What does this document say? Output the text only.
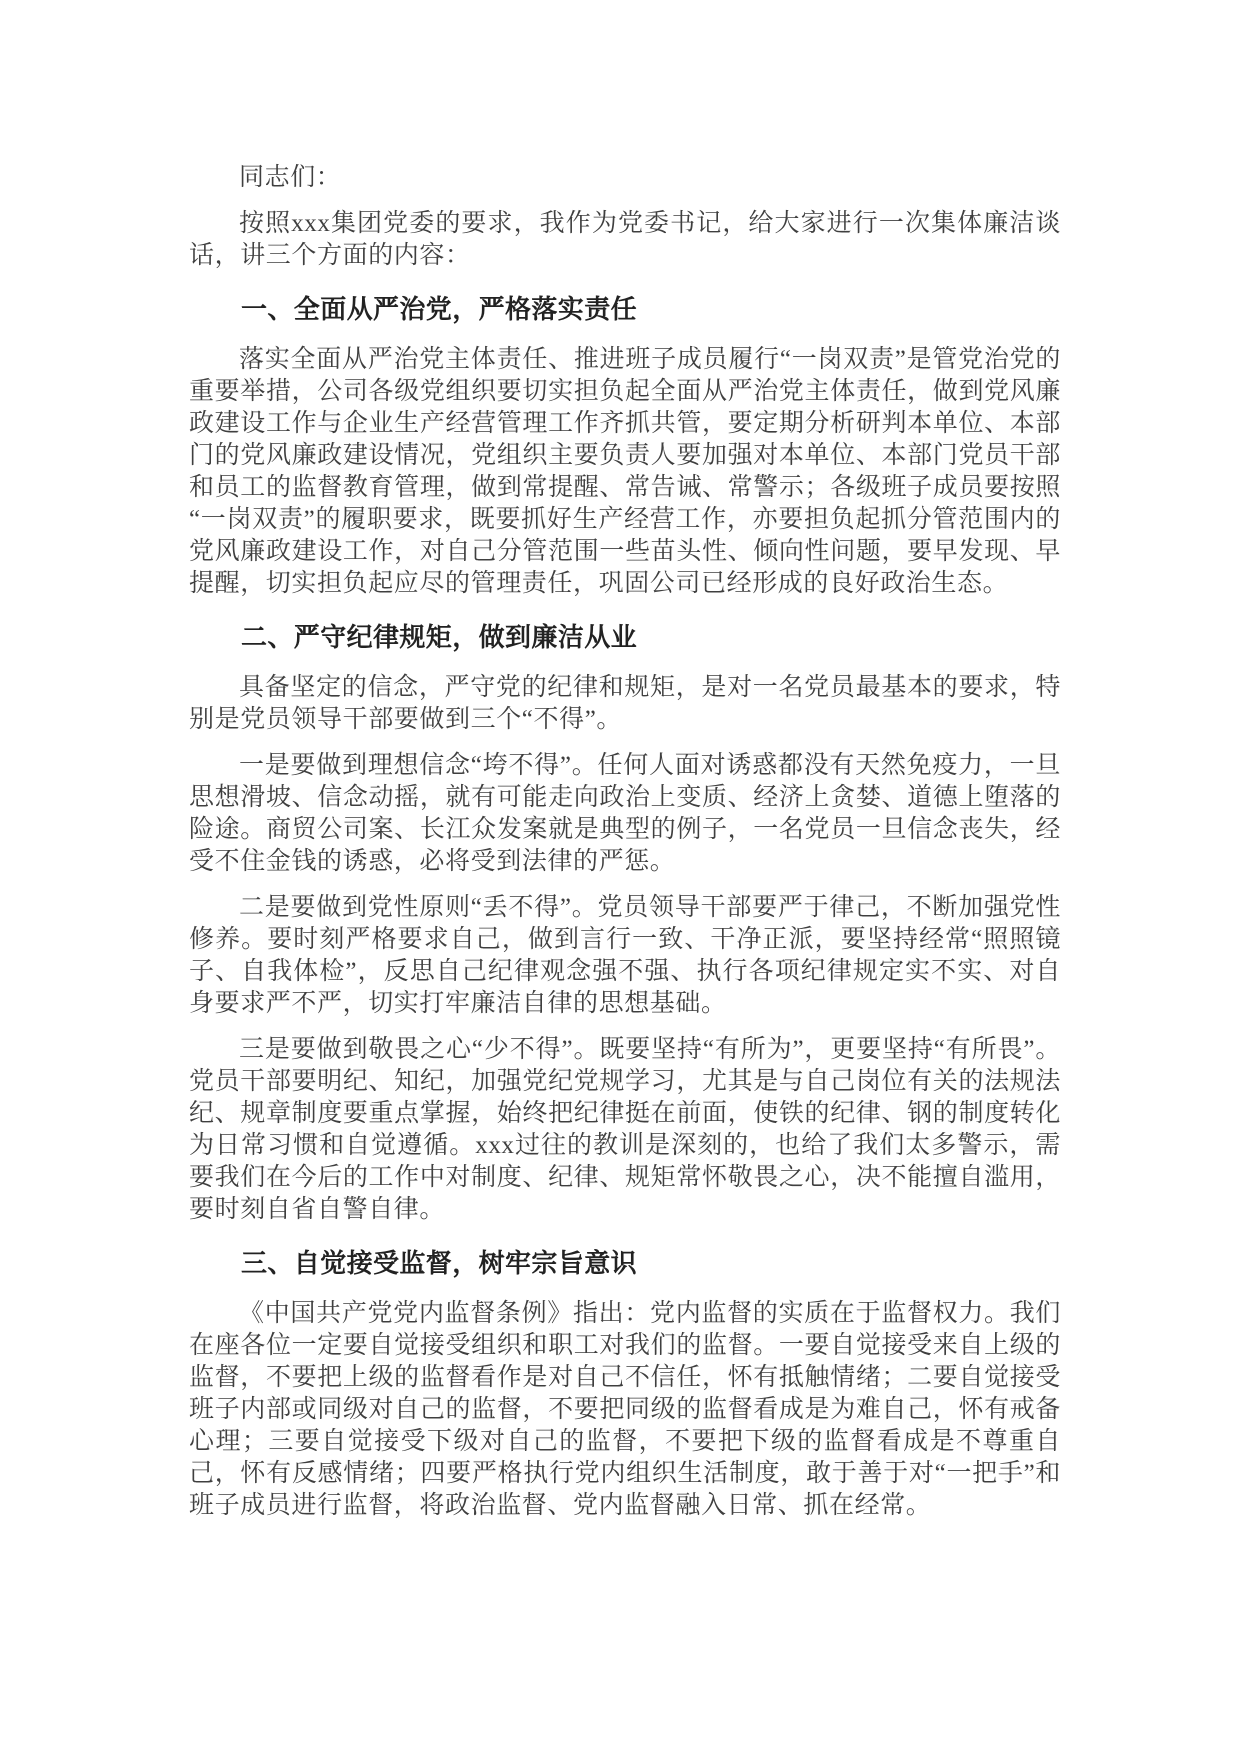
同志们：

按照xxx集团党委的要求，我作为党委书记，给大家进行一次集体廉洁谈话，讲三个方面的内容：

一、全面从严治党，严格落实责任

落实全面从严治党主体责任、推进班子成员履行“一岗双责”是管党治党的重要举措，公司各级党组织要切实担负起全面从严治党主体责任，做到党风廉政建设工作与企业生产经营管理工作齐抓共管，要定期分析研判本单位、本部门的党风廉政建设情况，党组织主要负责人要加强对本单位、本部门党员干部和员工的监督教育管理，做到常提醒、常告诫、常警示；各级班子成员要按照“一岗双责”的履职要求，既要抓好生产经营工作，亦要担负起抓分管范围内的党风廉政建设工作，对自己分管范围一些苗头性、倾向性问题，要早发现、早提醒，切实担负起应尽的管理责任，巩固公司已经形成的良好政治生态。

二、严守纪律规矩，做到廉洁从业

具备坚定的信念，严守党的纪律和规矩，是对一名党员最基本的要求，特别是党员领导干部要做到三个“不得”。

一是要做到理想信念“垮不得”。任何人面对诱惑都没有天然免疫力，一旦思想滑坡、信念动摇，就有可能走向政治上变质、经济上贪婪、道德上堕落的险途。商贸公司案、长江众发案就是典型的例子，一名党员一旦信念丧失，经受不住金钱的诱惑，必将受到法律的严惩。

二是要做到党性原则“丢不得”。党员领导干部要严于律己，不断加强党性修养。要时刻严格要求自己，做到言行一致、干净正派，要坚持经常“照照镜子、自我体检”，反思自己纪律观念强不强、执行各项纪律规定实不实、对自身要求严不严，切实打牢廉洁自律的思想基础。

三是要做到敬畏之心“少不得”。既要坚持“有所为”，更要坚持“有所畏”。党员干部要明纪、知纪，加强党纪党规学习，尤其是与自己岗位有关的法规法纪、规章制度要重点掌握，始终把纪律挺在前面，使铁的纪律、钢的制度转化为日常习惯和自觉遵循。xxx过往的教训是深刻的，也给了我们太多警示，需要我们在今后的工作中对制度、纪律、规矩常怀敬畏之心，决不能擅自滥用，要时刻自省自警自律。

三、自觉接受监督，树牢宗旨意识

《中国共产党党内监督条例》指出：党内监督的实质在于监督权力。我们在座各位一定要自觉接受组织和职工对我们的监督。一要自觉接受来自上级的监督，不要把上级的监督看作是对自己不信任，怀有抵触情绪；二要自觉接受班子内部或同级对自己的监督，不要把同级的监督看成是为难自己，怀有戒备心理；三要自觉接受下级对自己的监督，不要把下级的监督看成是不尊重自己，怀有反感情绪；四要严格执行党内组织生活制度，敢于善于对“一把手”和班子成员进行监督，将政治监督、党内监督融入日常、抓在经常。
